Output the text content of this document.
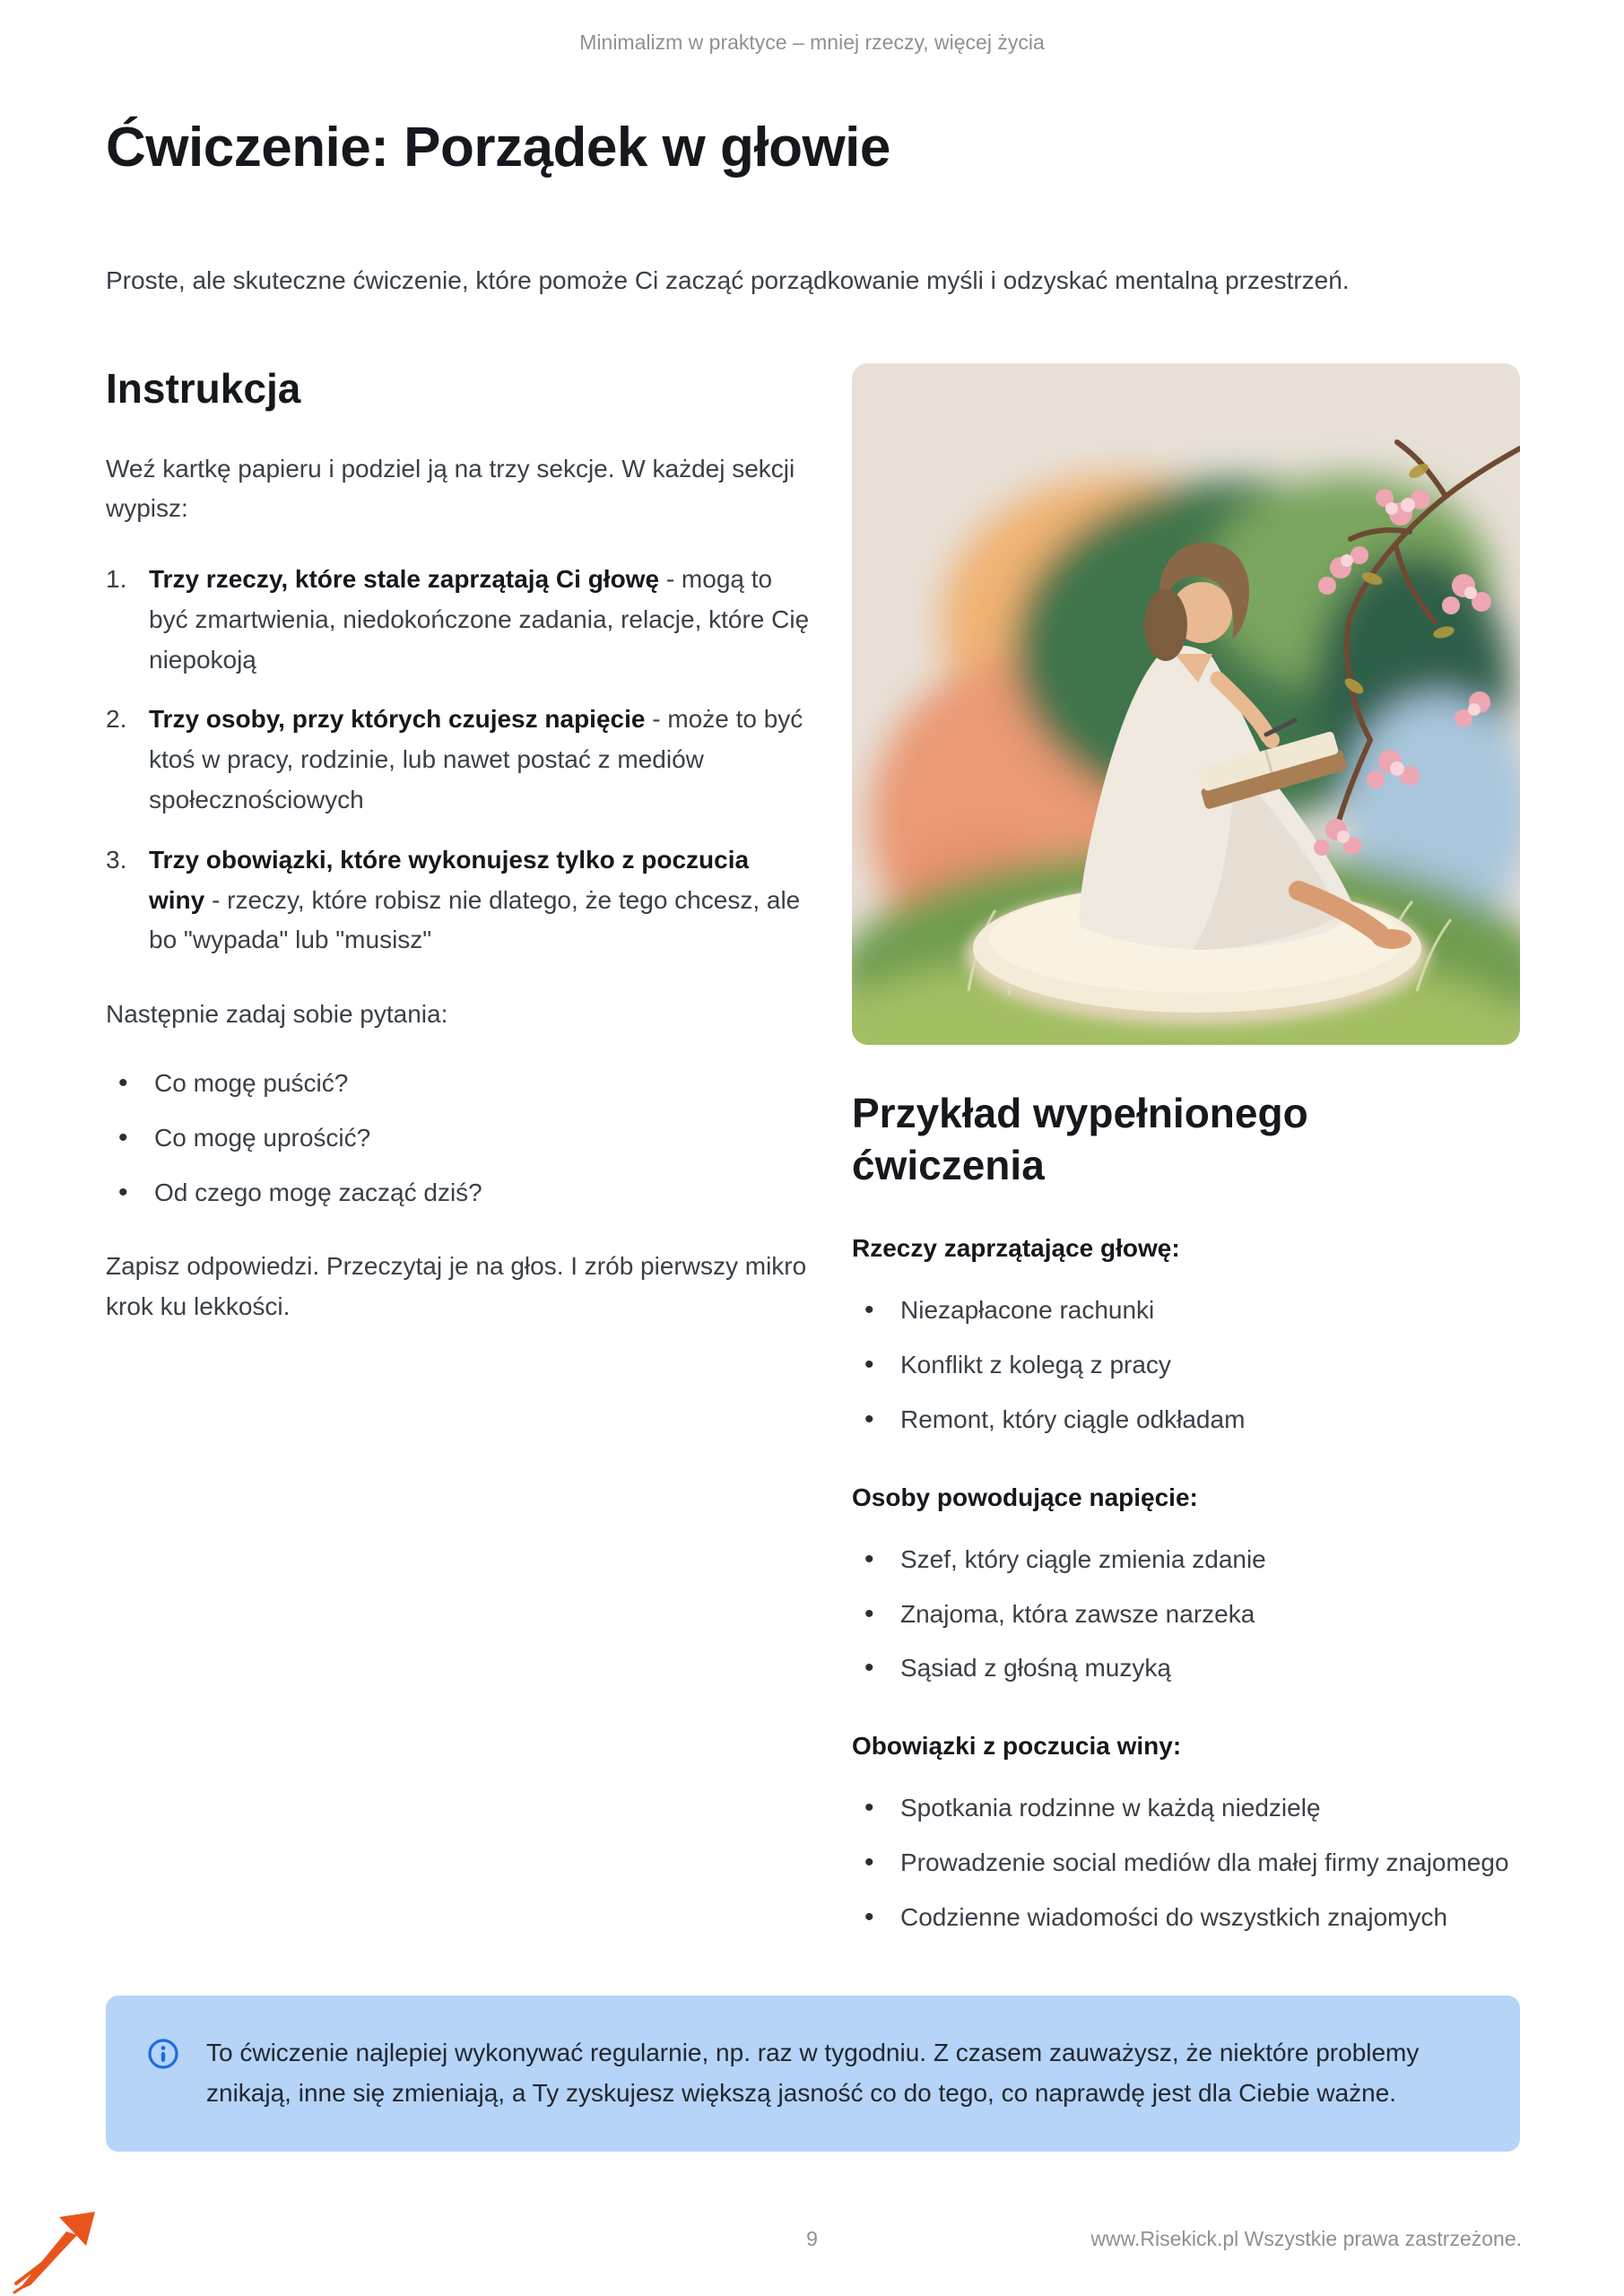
Minimalizm w praktyce – mniej rzeczy, więcej życia
Ćwiczenie: Porządek w głowie

Proste, ale skuteczne ćwiczenie, które pomoże Ci zacząć porządkowanie myśli i odzyskać mentalną przestrzeń.

Instrukcja

Weź kartkę papieru i podziel ją na trzy sekcje. W każdej sekcji wypisz:

1. Trzy rzeczy, które stale zaprzątają Ci głowę - mogą to być zmartwienia, niedokończone zadania, relacje, które Cię niepokoją
2. Trzy osoby, przy których czujesz napięcie - może to być ktoś w pracy, rodzinie, lub nawet postać z mediów społecznościowych
3. Trzy obowiązki, które wykonujesz tylko z poczucia winy - rzeczy, które robisz nie dlatego, że tego chcesz, ale bo "wypada" lub "musisz"

Następnie zadaj sobie pytania:

• Co mogę puścić?
• Co mogę uprościć?
• Od czego mogę zacząć dziś?

Zapisz odpowiedzi. Przeczytaj je na głos. I zrób pierwszy mikro krok ku lekkości.

Przykład wypełnionego ćwiczenia
Rzeczy zaprzątające głowę:
• Niezapłacone rachunki
• Konflikt z kolegą z pracy
• Remont, który ciągle odkładam
Osoby powodujące napięcie:
• Szef, który ciągle zmienia zdanie
• Znajoma, która zawsze narzeka
• Sąsiad z głośną muzyką
Obowiązki z poczucia winy:
• Spotkania rodzinne w każdą niedzielę
• Prowadzenie social mediów dla małej firmy znajomego
• Codzienne wiadomości do wszystkich znajomych

To ćwiczenie najlepiej wykonywać regularnie, np. raz w tygodniu. Z czasem zauważysz, że niektóre problemy znikają, inne się zmieniają, a Ty zyskujesz większą jasność co do tego, co naprawdę jest dla Ciebie ważne.

9	www.Risekick.pl Wszystkie prawa zastrzeżone.
